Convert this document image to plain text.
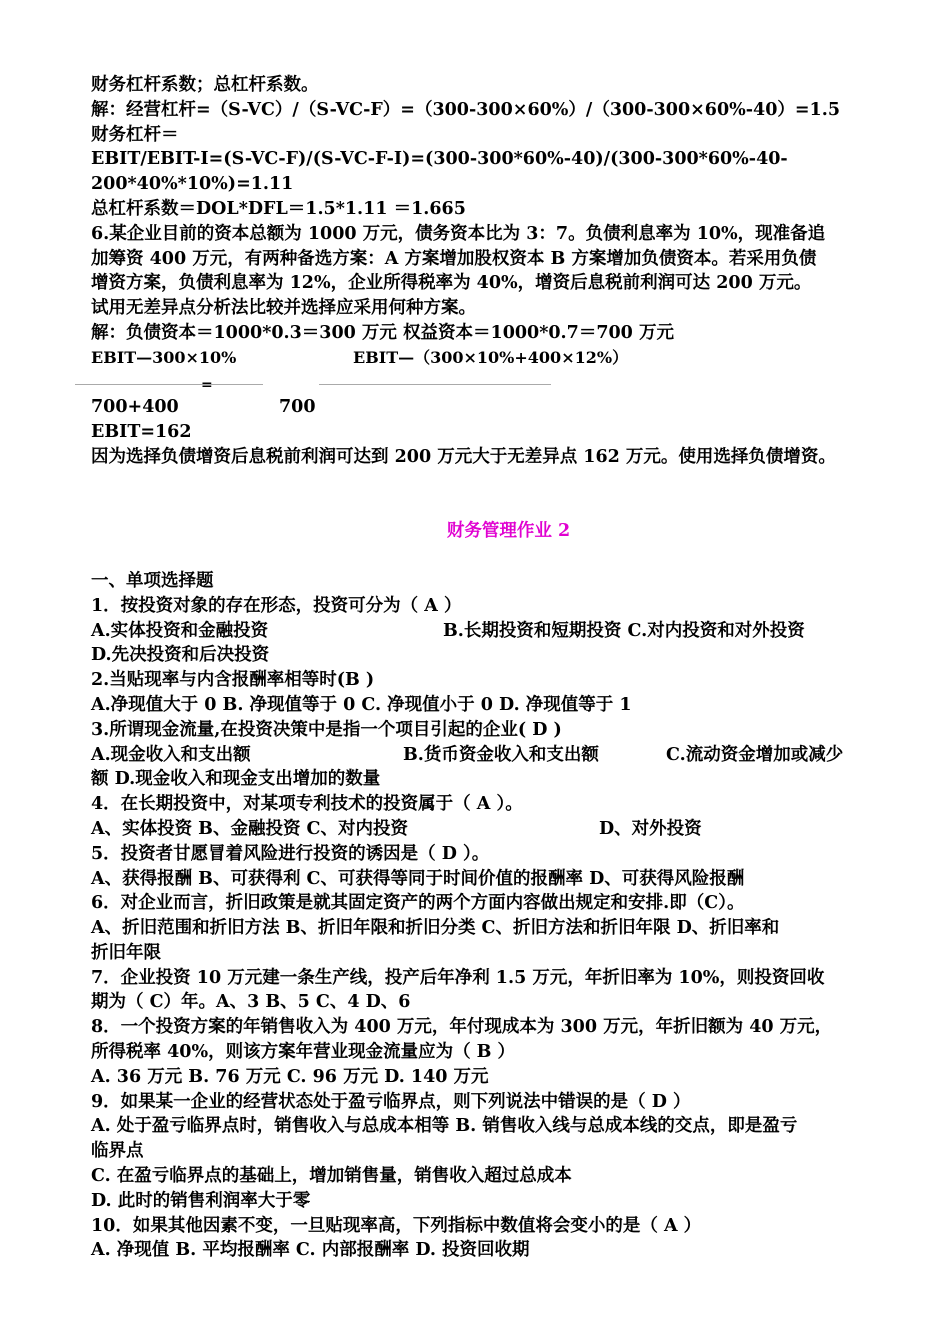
财务杠杆系数；总杠杆系数。
解：经营杠杆=（S-VC）/（S-VC-F）=（300-300×60%）/（300-300×60%-40）=1.5
财务杠杆＝
EBIT/EBIT-I=(S-VC-F)/(S-VC-F-I)=(300-300*60%-40)/(300-300*60%-40-
200*40%*10%)=1.11
总杠杆系数＝DOL*DFL＝1.5*1.11 ＝1.665
6.某企业目前的资本总额为 1000 万元，债务资本比为 3：7。负债利息率为 10%，现准备追
加筹资 400 万元，有两种备选方案：A 方案增加股权资本 B 方案增加负债资本。若采用负债
增资方案，负债利息率为 12%，企业所得税率为 40%，增资后息税前利润可达 200 万元。
试用无差异点分析法比较并选择应采用何种方案。
解：负债资本＝1000*0.3＝300 万元 权益资本＝1000*0.7＝700 万元
EBIT—300×10%	EBIT—（300×10%+400×12%）
=
700+400	700
EBIT=162
因为选择负债增资后息税前利润可达到 200 万元大于无差异点 162 万元。使用选择负债增资。
财务管理作业 2
一、单项选择题
1．按投资对象的存在形态，投资可分为（ A ）
A.实体投资和金融投资	B.长期投资和短期投资 C.对内投资和对外投资
D.先决投资和后决投资
2.当贴现率与内含报酬率相等时(B )
A.净现值大于 0 B. 净现值等于 0 C. 净现值小于 0 D. 净现值等于 1
3.所谓现金流量,在投资决策中是指一个项目引起的企业( D )
A.现金收入和支出额	B.货币资金收入和支出额	C.流动资金增加或减少
额 D.现金收入和现金支出增加的数量
4．在长期投资中，对某项专利技术的投资属于（ A ）。
A、实体投资 B、金融投资 C、对内投资	D、对外投资
5．投资者甘愿冒着风险进行投资的诱因是（ D ）。
A、获得报酬 B、可获得利 C、可获得等同于时间价值的报酬率 D、可获得风险报酬
6．对企业而言，折旧政策是就其固定资产的两个方面内容做出规定和安排.即（C）。
A、折旧范围和折旧方法 B、折旧年限和折旧分类 C、折旧方法和折旧年限 D、折旧率和
折旧年限
7．企业投资 10 万元建一条生产线，投产后年净利 1.5 万元，年折旧率为 10%，则投资回收
期为（ C）年。A、3 B、5 C、4 D、6
8．一个投资方案的年销售收入为 400 万元，年付现成本为 300 万元，年折旧额为 40 万元，
所得税率 40%，则该方案年营业现金流量应为（ B ）
A. 36 万元 B. 76 万元 C. 96 万元 D. 140 万元
9．如果某一企业的经营状态处于盈亏临界点，则下列说法中错误的是（ D ）
A. 处于盈亏临界点时，销售收入与总成本相等 B. 销售收入线与总成本线的交点，即是盈亏
临界点
C. 在盈亏临界点的基础上，增加销售量，销售收入超过总成本
D. 此时的销售利润率大于零
10．如果其他因素不变，一旦贴现率高，下列指标中数值将会变小的是（ A ）
A. 净现值 B. 平均报酬率 C. 内部报酬率 D. 投资回收期
